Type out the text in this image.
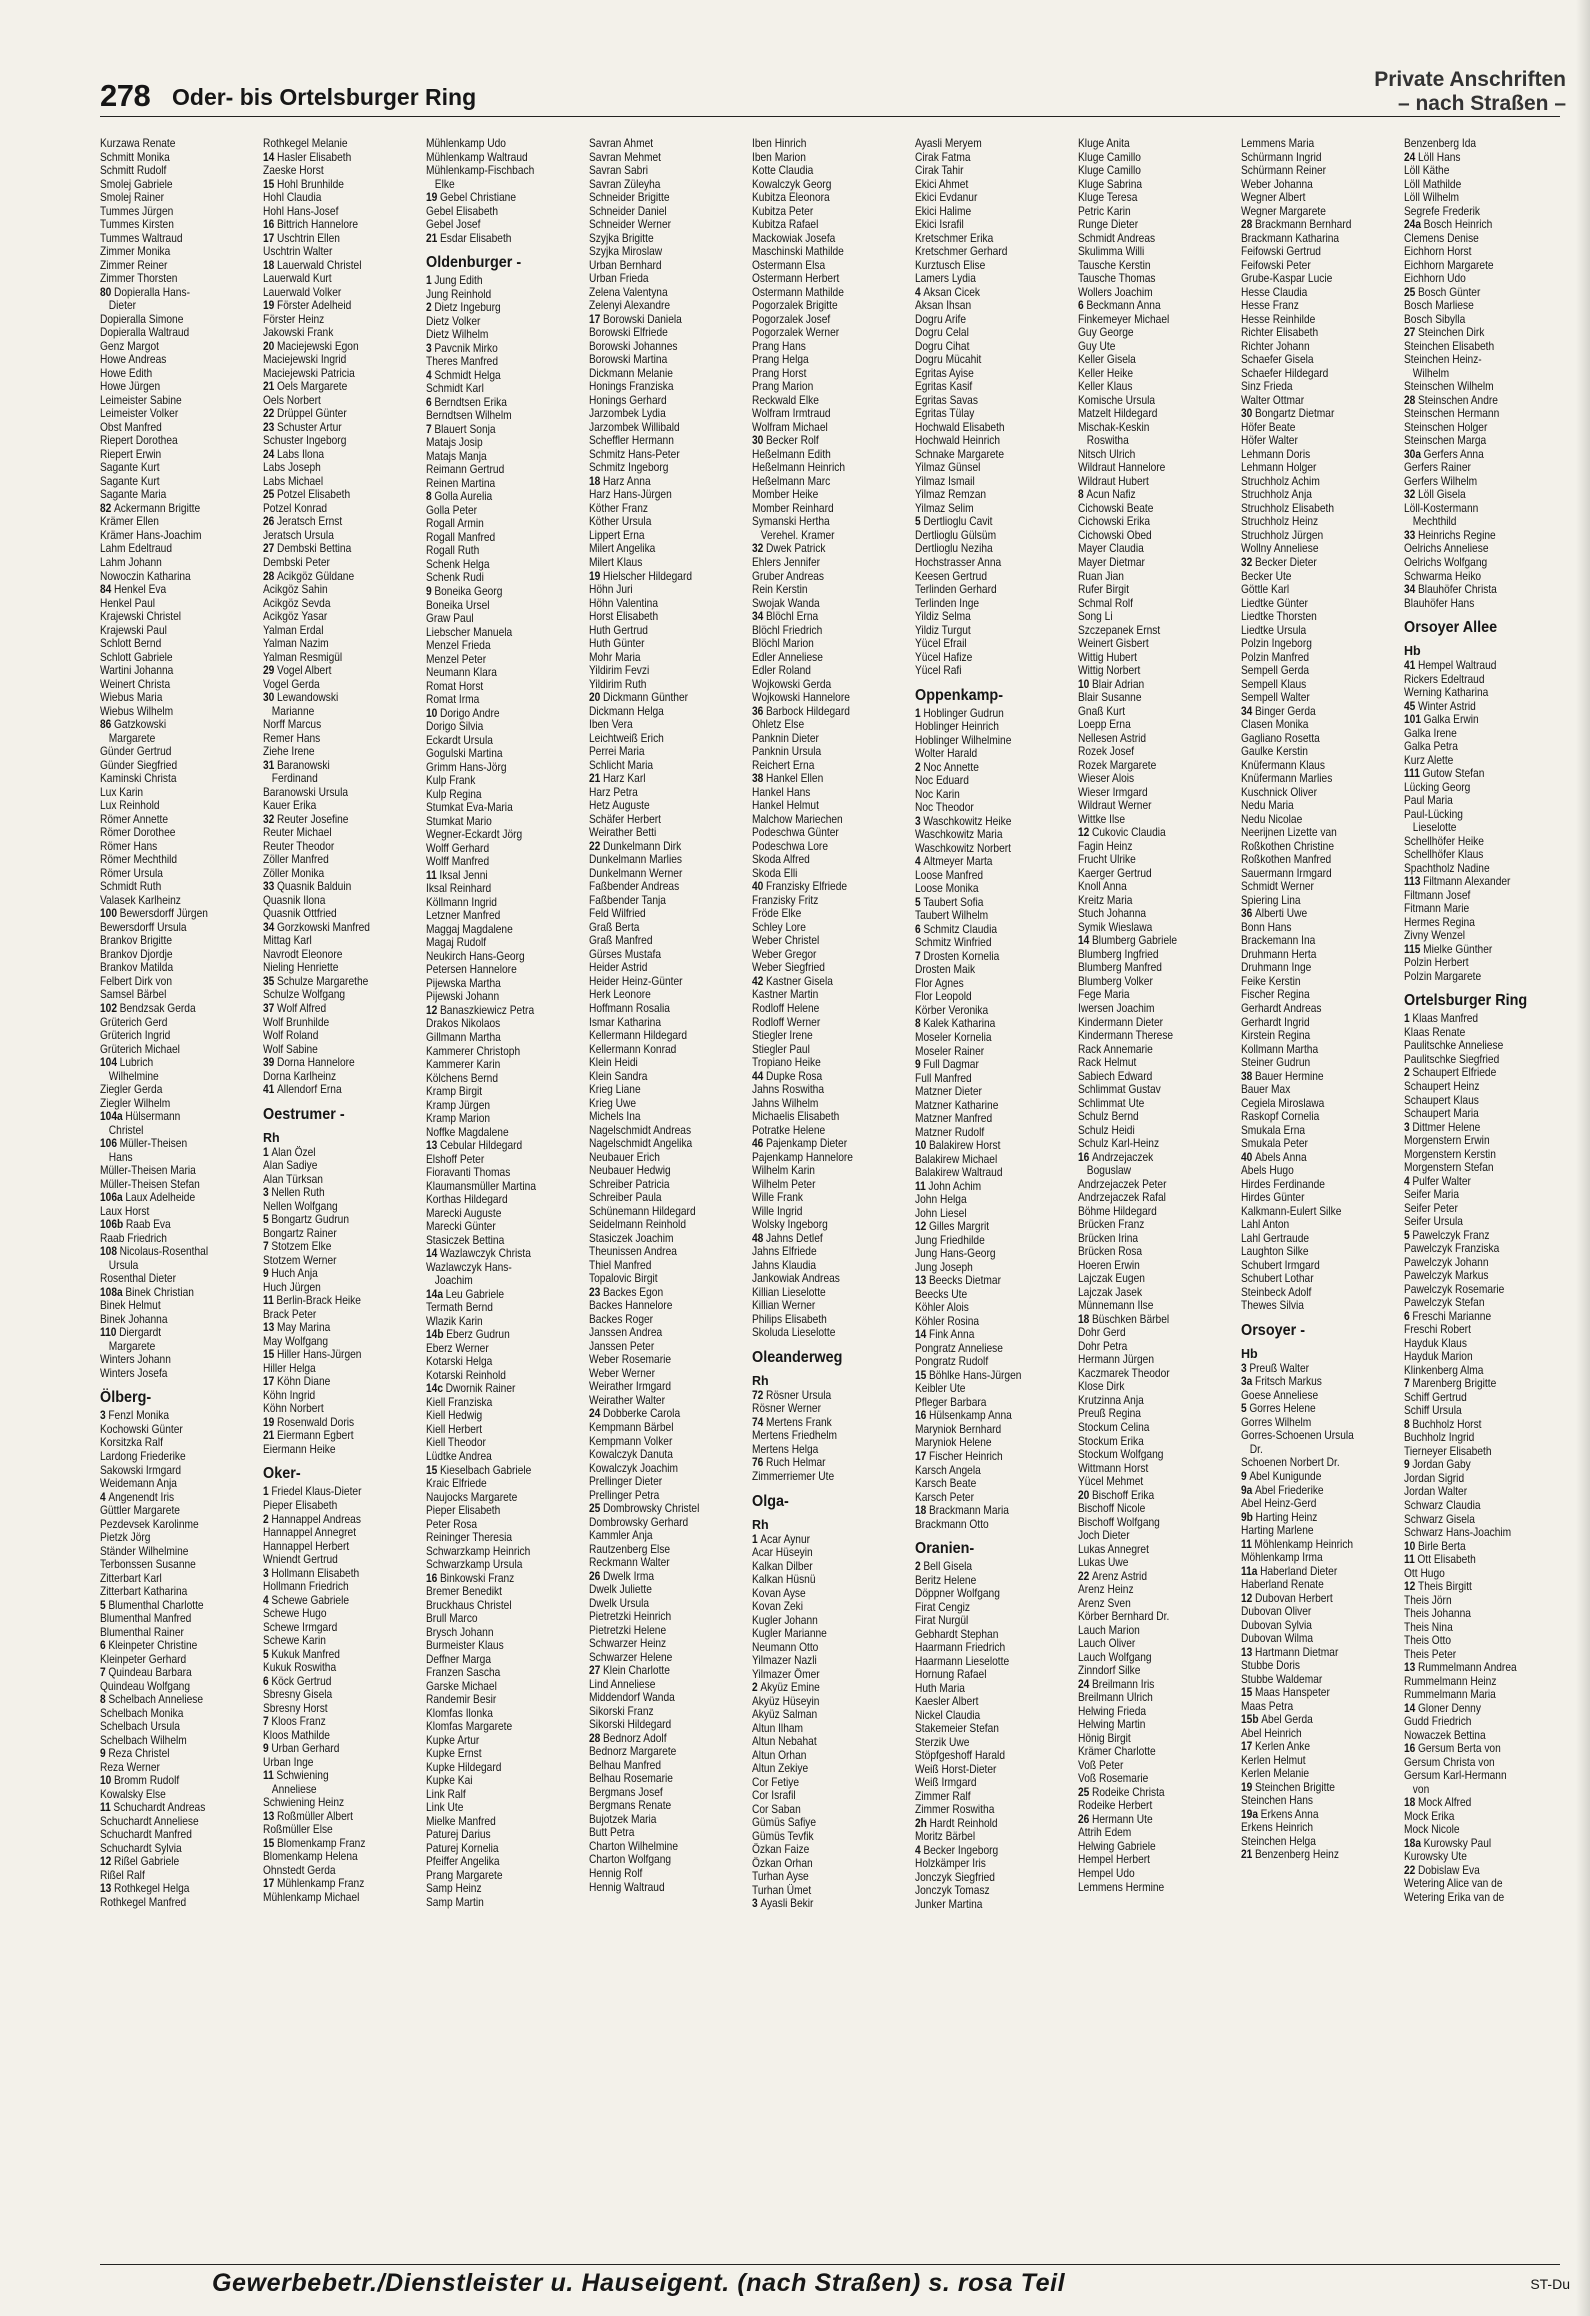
278 Oder- bis Ortelsburger Ring
Private Anschriften
– nach Straßen –
Kurzawa Renate
Schmitt Monika
Schmitt Rudolf
Smolej Gabriele
Smolej Rainer
Tummes Jürgen
Tummes Kirsten
Tummes Waltraud
Zimmer Monika
Zimmer Reiner
Zimmer Thorsten
80 Dopieralla Hans-
Dieter
Dopieralla Simone
Dopieralla Waltraud
Genz Margot
Howe Andreas
Howe Edith
Howe Jürgen
Leimeister Sabine
Leimeister Volker
Obst Manfred
Riepert Dorothea
Riepert Erwin
Sagante Kurt
Sagante Kurt
Sagante Maria
82 Ackermann Brigitte
Krämer Ellen
Krämer Hans-Joachim
Lahm Edeltraud
Lahm Johann
Nowoczin Katharina
84 Henkel Eva
Henkel Paul
Krajewski Christel
Krajewski Paul
Schlott Bernd
Schlott Gabriele
Wartini Johanna
Weinert Christa
Wiebus Maria
Wiebus Wilhelm
86 Gatzkowski
Margarete
Günder Gertrud
Günder Siegfried
Kaminski Christa
Lux Karin
Lux Reinhold
Römer Annette
Römer Dorothee
Römer Hans
Römer Mechthild
Römer Ursula
Schmidt Ruth
Valasek Karlheinz
100 Bewersdorff Jürgen
Bewersdorff Ursula
Brankov Brigitte
Brankov Djordje
Brankov Matilda
Felbert Dirk von
Samsel Bärbel
102 Bendzsak Gerda
Grüterich Gerd
Grüterich Ingrid
Grüterich Michael
104 Lubrich
Wilhelmine
Ziegler Gerda
Ziegler Wilhelm
104a Hülsermann
Christel
106 Müller-Theisen
Hans
Müller-Theisen Maria
Müller-Theisen Stefan
106a Laux Adelheide
Laux Horst
106b Raab Eva
Raab Friedrich
108 Nicolaus-Rosenthal
Ursula
Rosenthal Dieter
108a Binek Christian
Binek Helmut
Binek Johanna
110 Diergardt
Margarete
Winters Johann
Winters Josefa
Ölberg-
3 Fenzl Monika
Kochowski Günter
Korsitzka Ralf
Lardong Friederike
Sakowski Irmgard
Weidemann Anja
4 Angenendt Iris
Güttler Margarete
Pezdevsek Karolinme
Pietzk Jörg
Ständer Wilhelmine
Terbonssen Susanne
Zitterbart Karl
Zitterbart Katharina
5 Blumenthal Charlotte
Blumenthal Manfred
Blumenthal Rainer
6 Kleinpeter Christine
Kleinpeter Gerhard
7 Quindeau Barbara
Quindeau Wolfgang
8 Schelbach Anneliese
Schelbach Monika
Schelbach Ursula
Schelbach Wilhelm
9 Reza Christel
Reza Werner
10 Bromm Rudolf
Kowalsky Else
11 Schuchardt Andreas
Schuchardt Anneliese
Schuchardt Manfred
Schuchardt Sylvia
12 Rißel Gabriele
Rißel Ralf
13 Rothkegel Helga
Rothkegel Manfred
Rothkegel Melanie
14 Hasler Elisabeth
Zaeske Horst
15 Hohl Brunhilde
Hohl Claudia
Hohl Hans-Josef
16 Bittrich Hannelore
17 Uschtrin Ellen
Uschtrin Walter
18 Lauerwald Christel
Lauerwald Kurt
Lauerwald Volker
19 Förster Adelheid
Förster Heinz
Jakowski Frank
20 Maciejewski Egon
Maciejewski Ingrid
Maciejewski Patricia
21 Oels Margarete
Oels Norbert
22 Drüppel Günter
23 Schuster Artur
Schuster Ingeborg
24 Labs Ilona
Labs Joseph
Labs Michael
25 Potzel Elisabeth
Potzel Konrad
26 Jeratsch Ernst
Jeratsch Ursula
27 Dembski Bettina
Dembski Peter
28 Acikgöz Güldane
Acikgöz Sahin
Acikgöz Sevda
Acikgöz Yasar
Yalman Erdal
Yalman Nazim
Yalman Resmigül
29 Vogel Albert
Vogel Gerda
30 Lewandowski
Marianne
Norff Marcus
Remer Hans
Ziehe Irene
31 Baranowski
Ferdinand
Baranowski Ursula
Kauer Erika
32 Reuter Josefine
Reuter Michael
Reuter Theodor
Zöller Manfred
Zöller Monika
33 Quasnik Balduin
Quasnik Ilona
Quasnik Ottfried
34 Gorzkowski Manfred
Mittag Karl
Navrodt Eleonore
Nieling Henriette
35 Schulze Margarethe
Schulze Wolfgang
37 Wolf Alfred
Wolf Brunhilde
Wolf Roland
Wolf Sabine
39 Dorna Hannelore
Dorna Karlheinz
41 Allendorf Erna
Oestrumer -
Rh
1 Alan Özel
Alan Sadiye
Alan Türksan
3 Nellen Ruth
Nellen Wolfgang
5 Bongartz Gudrun
Bongartz Rainer
7 Stotzem Elke
Stotzem Werner
9 Huch Anja
Huch Jürgen
11 Berlin-Brack Heike
Brack Peter
13 May Marina
May Wolfgang
15 Hiller Hans-Jürgen
Hiller Helga
17 Köhn Diane
Köhn Ingrid
Köhn Norbert
19 Rosenwald Doris
21 Eiermann Egbert
Eiermann Heike
Oker-
1 Friedel Klaus-Dieter
Pieper Elisabeth
2 Hannappel Andreas
Hannappel Annegret
Hannappel Herbert
Wniendt Gertrud
3 Hollmann Elisabeth
Hollmann Friedrich
4 Schewe Gabriele
Schewe Hugo
Schewe Irmgard
Schewe Karin
5 Kukuk Manfred
Kukuk Roswitha
6 Köck Gertrud
Sbresny Gisela
Sbresny Horst
7 Kloos Franz
Kloos Mathilde
9 Urban Gerhard
Urban Inge
11 Schwiening
Anneliese
Schwiening Heinz
13 Roßmüller Albert
Roßmüller Else
15 Blomenkamp Franz
Blomenkamp Helena
Ohnstedt Gerda
17 Mühlenkamp Franz
Mühlenkamp Michael
Mühlenkamp Udo
Mühlenkamp Waltraud
Mühlenkamp-Fischbach
Elke
19 Gebel Christiane
Gebel Elisabeth
Gebel Josef
21 Esdar Elisabeth
Oldenburger -
1 Jung Edith
Jung Reinhold
2 Dietz Ingeburg
Dietz Volker
Dietz Wilhelm
3 Pavcnik Mirko
Theres Manfred
4 Schmidt Helga
Schmidt Karl
6 Berndtsen Erika
Berndtsen Wilhelm
7 Blauert Sonja
Matajs Josip
Matajs Manja
Reimann Gertrud
Reinen Martina
8 Golla Aurelia
Golla Peter
Rogall Armin
Rogall Manfred
Rogall Ruth
Schenk Helga
Schenk Rudi
9 Boneika Georg
Boneika Ursel
Graw Paul
Liebscher Manuela
Menzel Frieda
Menzel Peter
Neumann Klara
Romat Horst
Romat Irma
10 Dorigo Andre
Dorigo Silvia
Eckardt Ursula
Gogulski Martina
Grimm Hans-Jörg
Kulp Frank
Kulp Regina
Stumkat Eva-Maria
Stumkat Mario
Wegner-Eckardt Jörg
Wolff Gerhard
Wolff Manfred
11 Iksal Jenni
Iksal Reinhard
Köllmann Ingrid
Letzner Manfred
Maggaj Magdalene
Magaj Rudolf
Neukirch Hans-Georg
Petersen Hannelore
Pijewska Martha
Pijewski Johann
12 Banaszkiewicz Petra
Drakos Nikolaos
Gillmann Martha
Kammerer Christoph
Kammerer Karin
Kölchens Bernd
Kramp Birgit
Kramp Jürgen
Kramp Marion
Noffke Magdalene
13 Cebular Hildegard
Elshoff Peter
Fioravanti Thomas
Klaumansmüller Martina
Korthas Hildegard
Marecki Auguste
Marecki Günter
Stasiczek Bettina
14 Wazlawczyk Christa
Wazlawczyk Hans-
Joachim
14a Leu Gabriele
Termath Bernd
Wlazik Karin
14b Eberz Gudrun
Eberz Werner
Kotarski Helga
Kotarski Reinhold
14c Dwornik Rainer
Kiell Franziska
Kiell Hedwig
Kiell Herbert
Kiell Theodor
Lüdtke Andrea
15 Kieselbach Gabriele
Kraic Elfriede
Naujocks Margarete
Pieper Elisabeth
Peter Rosa
Reininger Theresia
Schwarzkamp Heinrich
Schwarzkamp Ursula
16 Binkowski Franz
Bremer Benedikt
Bruckhaus Christel
Brull Marco
Brysch Johann
Burmeister Klaus
Deffner Marga
Franzen Sascha
Garske Michael
Randemir Besir
Klomfas Ilonka
Klomfas Margarete
Kupke Artur
Kupke Ernst
Kupke Hildegard
Kupke Kai
Link Ralf
Link Ute
Mielke Manfred
Paturej Darius
Paturej Kornelia
Pfeiffer Angelika
Prang Margarete
Samp Heinz
Samp Martin
Savran Ahmet
Savran Mehmet
Savran Sabri
Savran Züleyha
Schneider Brigitte
Schneider Daniel
Schneider Werner
Szyjka Brigitte
Szyjka Miroslaw
Urban Bernhard
Urban Frieda
Zelena Valentyna
Zelenyi Alexandre
17 Borowski Daniela
Borowski Elfriede
Borowski Johannes
Borowski Martina
Dickmann Melanie
Honings Franziska
Honings Gerhard
Jarzombek Lydia
Jarzombek Willibald
Scheffler Hermann
Schmitz Hans-Peter
Schmitz Ingeborg
18 Harz Anna
Harz Hans-Jürgen
Köther Franz
Köther Ursula
Lippert Erna
Milert Angelika
Milert Klaus
19 Hielscher Hildegard
Höhn Juri
Höhn Valentina
Horst Elisabeth
Huth Gertrud
Huth Günter
Mohr Maria
Yildirim Fevzi
Yildirim Ruth
20 Dickmann Günther
Dickmann Helga
Iben Vera
Leichtweiß Erich
Perrei Maria
Schlicht Maria
21 Harz Karl
Harz Petra
Hetz Auguste
Schäfer Herbert
Weirather Betti
22 Dunkelmann Dirk
Dunkelmann Marlies
Dunkelmann Werner
Faßbender Andreas
Faßbender Tanja
Feld Wilfried
Graß Berta
Graß Manfred
Gürses Mustafa
Heider Astrid
Heider Heinz-Günter
Herk Leonore
Hoffmann Rosalia
Ismar Katharina
Kellermann Hildegard
Kellermann Konrad
Klein Heidi
Klein Sandra
Krieg Liane
Krieg Uwe
Michels Ina
Nagelschmidt Andreas
Nagelschmidt Angelika
Neubauer Erich
Neubauer Hedwig
Schreiber Patricia
Schreiber Paula
Schünemann Hildegard
Seidelmann Reinhold
Stasiczek Joachim
Theunissen Andrea
Thiel Manfred
Topalovic Birgit
23 Backes Egon
Backes Hannelore
Backes Roger
Janssen Andrea
Janssen Peter
Weber Rosemarie
Weber Werner
Weirather Irmgard
Weirather Walter
24 Dobberke Carola
Kempmann Bärbel
Kempmann Volker
Kowalczyk Danuta
Kowalczyk Joachim
Prellinger Dieter
Prellinger Petra
25 Dombrowsky Christel
Dombrowsky Gerhard
Kammler Anja
Rautzenberg Else
Reckmann Walter
26 Dwelk Irma
Dwelk Juliette
Dwelk Ursula
Pietretzki Heinrich
Pietretzki Helene
Schwarzer Heinz
Schwarzer Helene
27 Klein Charlotte
Lind Anneliese
Middendorf Wanda
Sikorski Franz
Sikorski Hildegard
28 Bednorz Adolf
Bednorz Margarete
Belhau Manfred
Belhau Rosemarie
Bergmans Josef
Bergmans Renate
Bujotzek Maria
Butt Petra
Charton Wilhelmine
Charton Wolfgang
Hennig Rolf
Hennig Waltraud
Iben Hinrich
Iben Marion
Kotte Claudia
Kowalczyk Georg
Kubitza Eleonora
Kubitza Peter
Kubitza Rafael
Mackowiak Josefa
Maschinski Mathilde
Ostermann Elsa
Ostermann Herbert
Ostermann Mathilde
Pogorzalek Brigitte
Pogorzalek Josef
Pogorzalek Werner
Prang Hans
Prang Helga
Prang Horst
Prang Marion
Reckwald Elke
Wolfram Irmtraud
Wolfram Michael
30 Becker Rolf
Heßelmann Edith
Heßelmann Heinrich
Heßelmann Marc
Momber Heike
Momber Reinhard
Symanski Hertha
Verehel. Kramer
32 Dwek Patrick
Ehlers Jennifer
Gruber Andreas
Rein Kerstin
Swojak Wanda
34 Blöchl Erna
Blöchl Friedrich
Blöchl Marion
Edler Anneliese
Edler Roland
Wojkowski Gerda
Wojkowski Hannelore
36 Barbock Hildegard
Ohletz Else
Panknin Dieter
Panknin Ursula
Reichert Erna
38 Hankel Ellen
Hankel Hans
Hankel Helmut
Malchow Mariechen
Podeschwa Günter
Podeschwa Lore
Skoda Alfred
Skoda Elli
40 Franzisky Elfriede
Franzisky Fritz
Fröde Elke
Schley Lore
Weber Christel
Weber Gregor
Weber Siegfried
42 Kastner Gisela
Kastner Martin
Rodloff Helene
Rodloff Werner
Stiegler Irene
Stiegler Paul
Tropiano Heike
44 Dupke Rosa
Jahns Roswitha
Jahns Wilhelm
Michaelis Elisabeth
Potratke Helene
46 Pajenkamp Dieter
Pajenkamp Hannelore
Wilhelm Karin
Wilhelm Peter
Wille Frank
Wille Ingrid
Wolsky Ingeborg
48 Jahns Detlef
Jahns Elfriede
Jahns Klaudia
Jankowiak Andreas
Killian Lieselotte
Killian Werner
Philips Elisabeth
Skoluda Lieselotte
Oleanderweg
Rh
72 Rösner Ursula
Rösner Werner
74 Mertens Frank
Mertens Friedhelm
Mertens Helga
76 Ruch Helmar
Zimmerriemer Ute
Olga-
Rh
1 Acar Aynur
Acar Hüseyin
Kalkan Dilber
Kalkan Hüsnü
Kovan Ayse
Kovan Zeki
Kugler Johann
Kugler Marianne
Neumann Otto
Yilmazer Nazli
Yilmazer Ömer
2 Akyüz Emine
Akyüz Hüseyin
Akyüz Salman
Altun Ilham
Altun Nebahat
Altun Orhan
Altun Zekiye
Cor Fetiye
Cor Israfil
Cor Saban
Gümüs Safiye
Gümüs Tevfik
Özkan Faize
Özkan Orhan
Turhan Ayse
Turhan Ümet
3 Ayasli Bekir
Ayasli Meryem
Cirak Fatma
Cirak Tahir
Ekici Ahmet
Ekici Evdanur
Ekici Halime
Ekici Israfil
Kretschmer Erika
Kretschmer Gerhard
Kurztusch Elise
Lamers Lydia
4 Aksan Cicek
Aksan Ihsan
Dogru Arife
Dogru Celal
Dogru Cihat
Dogru Mücahit
Egritas Ayise
Egritas Kasif
Egritas Savas
Egritas Tülay
Hochwald Elisabeth
Hochwald Heinrich
Schnake Margarete
Yilmaz Günsel
Yilmaz Ismail
Yilmaz Remzan
Yilmaz Selim
5 Dertlioglu Cavit
Dertlioglu Gülsüm
Dertlioglu Neziha
Hochstrasser Anna
Keesen Gertrud
Terlinden Gerhard
Terlinden Inge
Yildiz Selma
Yildiz Turgut
Yücel Efrail
Yücel Hafize
Yücel Rafi
Oppenkamp-
1 Hoblinger Gudrun
Hoblinger Heinrich
Hoblinger Wilhelmine
Wolter Harald
2 Noc Annette
Noc Eduard
Noc Karin
Noc Theodor
3 Waschkowitz Heike
Waschkowitz Maria
Waschkowitz Norbert
4 Altmeyer Marta
Loose Manfred
Loose Monika
5 Taubert Sofia
Taubert Wilhelm
6 Schmitz Claudia
Schmitz Winfried
7 Drosten Kornelia
Drosten Maik
Flor Agnes
Flor Leopold
Körber Veronika
8 Kalek Katharina
Moseler Kornelia
Moseler Rainer
9 Full Dagmar
Full Manfred
Matzner Dieter
Matzner Katharine
Matzner Manfred
Matzner Rudolf
10 Balakirew Horst
Balakirew Michael
Balakirew Waltraud
11 John Achim
John Helga
John Liesel
12 Gilles Margrit
Jung Friedhilde
Jung Hans-Georg
Jung Joseph
13 Beecks Dietmar
Beecks Ute
Köhler Alois
Köhler Rosina
14 Fink Anna
Pongratz Anneliese
Pongratz Rudolf
15 Böhlke Hans-Jürgen
Keibler Ute
Pfleger Barbara
16 Hülsenkamp Anna
Maryniok Bernhard
Maryniok Helene
17 Fischer Heinrich
Karsch Angela
Karsch Beate
Karsch Peter
18 Brackmann Maria
Brackmann Otto
Oranien-
2 Bell Gisela
Beritz Helene
Döppner Wolfgang
Firat Cengiz
Firat Nurgül
Gebhardt Stephan
Haarmann Friedrich
Haarmann Lieselotte
Hornung Rafael
Huth Maria
Kaesler Albert
Nickel Claudia
Stakemeier Stefan
Sterzik Uwe
Stöpfgeshoff Harald
Weiß Horst-Dieter
Weiß Irmgard
Zimmer Ralf
Zimmer Roswitha
2h Hardt Reinhold
Moritz Bärbel
4 Becker Ingeborg
Holzkämper Iris
Jonczyk Siegfried
Jonczyk Tomasz
Junker Martina
Kluge Anita
Kluge Camillo
Kluge Camillo
Kluge Sabrina
Kluge Teresa
Petric Karin
Runge Dieter
Schmidt Andreas
Skulimma Willi
Tausche Kerstin
Tausche Thomas
Wollers Joachim
6 Beckmann Anna
Finkemeyer Michael
Guy George
Guy Ute
Keller Gisela
Keller Heike
Keller Klaus
Komische Ursula
Matzelt Hildegard
Mischak-Keskin
Roswitha
Nitsch Ulrich
Wildraut Hannelore
Wildraut Hubert
8 Acun Nafiz
Cichowski Beate
Cichowski Erika
Cichowski Obed
Mayer Claudia
Mayer Dietmar
Ruan Jian
Rufer Birgit
Schmal Rolf
Song Li
Szczepanek Ernst
Weinert Gisbert
Wittig Hubert
Wittig Norbert
10 Blair Adrian
Blair Susanne
Gnaß Kurt
Loepp Erna
Nellesen Astrid
Rozek Josef
Rozek Margarete
Wieser Alois
Wieser Irmgard
Wildraut Werner
Wittke Ilse
12 Cukovic Claudia
Fagin Heinz
Frucht Ulrike
Kaerger Gertrud
Knoll Anna
Kreitz Maria
Stuch Johanna
Symik Wieslawa
14 Blumberg Gabriele
Blumberg Ingfried
Blumberg Manfred
Blumberg Volker
Fege Maria
Iwersen Joachim
Kindermann Dieter
Kindermann Therese
Rack Annemarie
Rack Helmut
Sabiech Edward
Schlimmat Gustav
Schlimmat Ute
Schulz Bernd
Schulz Heidi
Schulz Karl-Heinz
16 Andrzejaczek
Boguslaw
Andrzejaczek Peter
Andrzejaczek Rafal
Böhme Hildegard
Brücken Franz
Brücken Irina
Brücken Rosa
Hoeren Erwin
Lajczak Eugen
Lajczak Jasek
Münnemann Ilse
18 Büschken Bärbel
Dohr Gerd
Dohr Petra
Hermann Jürgen
Kaczmarek Theodor
Klose Dirk
Krutzinna Anja
Preuß Regina
Stockum Celina
Stockum Erika
Stockum Wolfgang
Wittmann Horst
Yücel Mehmet
20 Bischoff Erika
Bischoff Nicole
Bischoff Wolfgang
Joch Dieter
Lukas Annegret
Lukas Uwe
22 Arenz Astrid
Arenz Heinz
Arenz Sven
Körber Bernhard Dr.
Lauch Marion
Lauch Oliver
Lauch Wolfgang
Zinndorf Silke
24 Breilmann Iris
Breilmann Ulrich
Helwing Frieda
Helwing Martin
Hönig Birgit
Krämer Charlotte
Voß Peter
Voß Rosemarie
25 Rodeike Christa
Rodeike Herbert
26 Hermann Ute
Attrih Edem
Helwing Gabriele
Hempel Herbert
Hempel Udo
Lemmens Hermine
Lemmens Maria
Schürmann Ingrid
Schürmann Reiner
Weber Johanna
Wegner Albert
Wegner Margarete
28 Brackmann Bernhard
Brackmann Katharina
Feifowski Gertrud
Feifowski Peter
Grube-Kaspar Lucie
Hesse Claudia
Hesse Franz
Hesse Reinhilde
Richter Elisabeth
Richter Johann
Schaefer Gisela
Schaefer Hildegard
Sinz Frieda
Walter Ottmar
30 Bongartz Dietmar
Höfer Beate
Höfer Walter
Lehmann Doris
Lehmann Holger
Struchholz Achim
Struchholz Anja
Struchholz Elisabeth
Struchholz Heinz
Struchholz Jürgen
Wollny Anneliese
32 Becker Dieter
Becker Ute
Göttle Karl
Liedtke Günter
Liedtke Thorsten
Liedtke Ursula
Polzin Ingeborg
Polzin Manfred
Sempell Gerda
Sempell Klaus
Sempell Walter
34 Binger Gerda
Clasen Monika
Gagliano Rosetta
Gaulke Kerstin
Knüfermann Klaus
Knüfermann Marlies
Kuschnick Oliver
Nedu Maria
Nedu Nicolae
Neerijnen Lizette van
Roßkothen Christine
Roßkothen Manfred
Sauermann Irmgard
Schmidt Werner
Spiering Lina
36 Alberti Uwe
Bonn Hans
Brackemann Ina
Druhmann Herta
Druhmann Inge
Feike Kerstin
Fischer Regina
Gerhardt Andreas
Gerhardt Ingrid
Kirstein Regina
Kollmann Martha
Steiner Gudrun
38 Bauer Hermine
Bauer Max
Cegiela Miroslawa
Raskopf Cornelia
Smukala Erna
Smukala Peter
40 Abels Anna
Abels Hugo
Hirdes Ferdinande
Hirdes Günter
Kalkmann-Eulert Silke
Lahl Anton
Lahl Gertraude
Laughton Silke
Schubert Irmgard
Schubert Lothar
Steinbeck Adolf
Thewes Silvia
Orsoyer -
Hb
3 Preuß Walter
3a Fritsch Markus
Goese Anneliese
5 Gorres Helene
Gorres Wilhelm
Gorres-Schoenen Ursula
Dr.
Schoenen Norbert Dr.
9 Abel Kunigunde
9a Abel Friederike
Abel Heinz-Gerd
9b Harting Heinz
Harting Marlene
11 Möhlenkamp Heinrich
Möhlenkamp Irma
11a Haberland Dieter
Haberland Renate
12 Dubovan Herbert
Dubovan Oliver
Dubovan Sylvia
Dubovan Wilma
13 Hartmann Dietmar
Stubbe Doris
Stubbe Waldemar
15 Maas Hanspeter
Maas Petra
15b Abel Gerda
Abel Heinrich
17 Kerlen Anke
Kerlen Helmut
Kerlen Melanie
19 Steinchen Brigitte
Steinchen Hans
19a Erkens Anna
Erkens Heinrich
Steinchen Helga
21 Benzenberg Heinz
Benzenberg Ida
24 Löll Hans
Löll Käthe
Löll Mathilde
Löll Wilhelm
Segrefe Frederik
24a Bosch Heinrich
Clemens Denise
Eichhorn Horst
Eichhorn Margarete
Eichhorn Udo
25 Bosch Günter
Bosch Marliese
Bosch Sibylla
27 Steinchen Dirk
Steinchen Elisabeth
Steinchen Heinz-
Wilhelm
Steinschen Wilhelm
28 Steinschen Andre
Steinschen Hermann
Steinschen Holger
Steinschen Marga
30a Gerfers Anna
Gerfers Rainer
Gerfers Wilhelm
32 Löll Gisela
Löll-Kostermann
Mechthild
33 Heinrichs Regine
Oelrichs Anneliese
Oelrichs Wolfgang
Schwarma Heiko
34 Blauhöfer Christa
Blauhöfer Hans
Orsoyer Allee
Hb
41 Hempel Waltraud
Rickers Edeltraud
Werning Katharina
45 Winter Astrid
101 Galka Erwin
Galka Irene
Galka Petra
Kurz Alette
111 Gutow Stefan
Lücking Georg
Paul Maria
Paul-Lücking
Lieselotte
Schellhöfer Heike
Schellhöfer Klaus
Spachtholz Nadine
113 Filtmann Alexander
Filtmann Josef
Fitmann Marie
Hermes Regina
Zivny Wenzel
115 Mielke Günther
Polzin Herbert
Polzin Margarete
Ortelsburger Ring
1 Klaas Manfred
Klaas Renate
Paulitschke Anneliese
Paulitschke Siegfried
2 Schaupert Elfriede
Schaupert Heinz
Schaupert Klaus
Schaupert Maria
3 Dittmer Helene
Morgenstern Erwin
Morgenstern Kerstin
Morgenstern Stefan
4 Pulfer Walter
Seifer Maria
Seifer Peter
Seifer Ursula
5 Pawelczyk Franz
Pawelczyk Franziska
Pawelczyk Johann
Pawelczyk Markus
Pawelczyk Rosemarie
Pawelczyk Stefan
6 Freschi Marianne
Freschi Robert
Hayduk Klaus
Hayduk Marion
Klinkenberg Alma
7 Marenberg Brigitte
Schiff Gertrud
Schiff Ursula
8 Buchholz Horst
Buchholz Ingrid
Tierneyer Elisabeth
9 Jordan Gaby
Jordan Sigrid
Jordan Walter
Schwarz Claudia
Schwarz Gisela
Schwarz Hans-Joachim
10 Birle Berta
11 Ott Elisabeth
Ott Hugo
12 Theis Birgitt
Theis Jörn
Theis Johanna
Theis Nina
Theis Otto
Theis Peter
13 Rummelmann Andrea
Rummelmann Heinz
Rummelmann Maria
14 Gloner Denny
Gudd Friedrich
Nowaczek Bettina
16 Gersum Berta von
Gersum Christa von
Gersum Karl-Hermann
von
18 Mock Alfred
Mock Erika
Mock Nicole
18a Kurowsky Paul
Kurowsky Ute
22 Dobislaw Eva
Wetering Alice van de
Wetering Erika van de
Gewerbebetr./Dienstleister u. Hauseigent. (nach Straßen) s. rosa Teil	ST-Du
